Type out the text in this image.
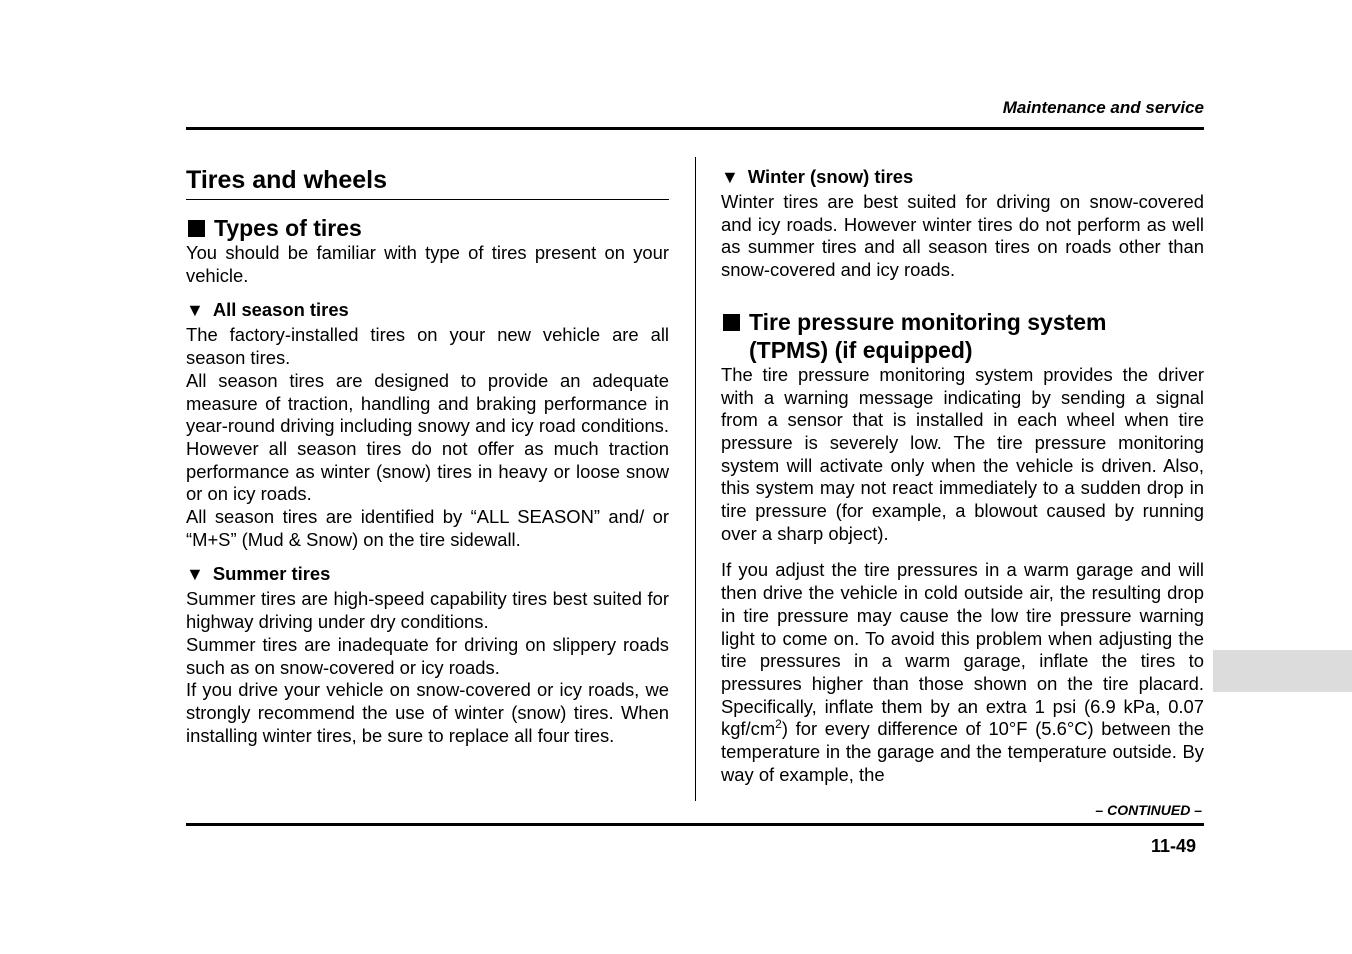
Maintenance and service
Tires and wheels
Types of tires

You should be familiar with type of tires present on your vehicle.

▼ All season tires

The factory-installed tires on your new vehicle are all season tires.

All season tires are designed to provide an adequate measure of traction, handling and braking performance in year-round driving including snowy and icy road conditions. However all season tires do not offer as much traction performance as winter (snow) tires in heavy or loose snow or on icy roads.

All season tires are identified by “ALL SEASON” and/ or “M+S” (Mud & Snow) on the tire sidewall.

▼ Summer tires

Summer tires are high-speed capability tires best suited for highway driving under dry conditions.

Summer tires are inadequate for driving on slippery roads such as on snow-covered or icy roads.

If you drive your vehicle on snow-covered or icy roads, we strongly recommend the use of winter (snow) tires. When installing winter tires, be sure to replace all four tires.

▼ Winter (snow) tires

Winter tires are best suited for driving on snow-covered and icy roads. However winter tires do not perform as well as summer tires and all season tires on roads other than snow-covered and icy roads.

Tire pressure monitoring system
(TPMS) (if equipped)

The tire pressure monitoring system provides the driver with a warning message indicating by sending a signal from a sensor that is installed in each wheel when tire pressure is severely low. The tire pressure monitoring system will activate only when the vehicle is driven. Also, this system may not react immediately to a sudden drop in tire pressure (for example, a blowout caused by running over a sharp object).

If you adjust the tire pressures in a warm garage and will then drive the vehicle in cold outside air, the resulting drop in tire pressure may cause the low tire pressure warning light to come on. To avoid this problem when adjusting the tire pressures in a warm garage, inflate the tires to pressures higher than those shown on the tire placard. Specifically, inflate them by an extra 1 psi (6.9 kPa, 0.07 kgf/$cm^2$) for every difference of 10°F (5.6°C) between the temperature in the garage and the temperature outside. By way of example, the

– CONTINUED –
11-49
